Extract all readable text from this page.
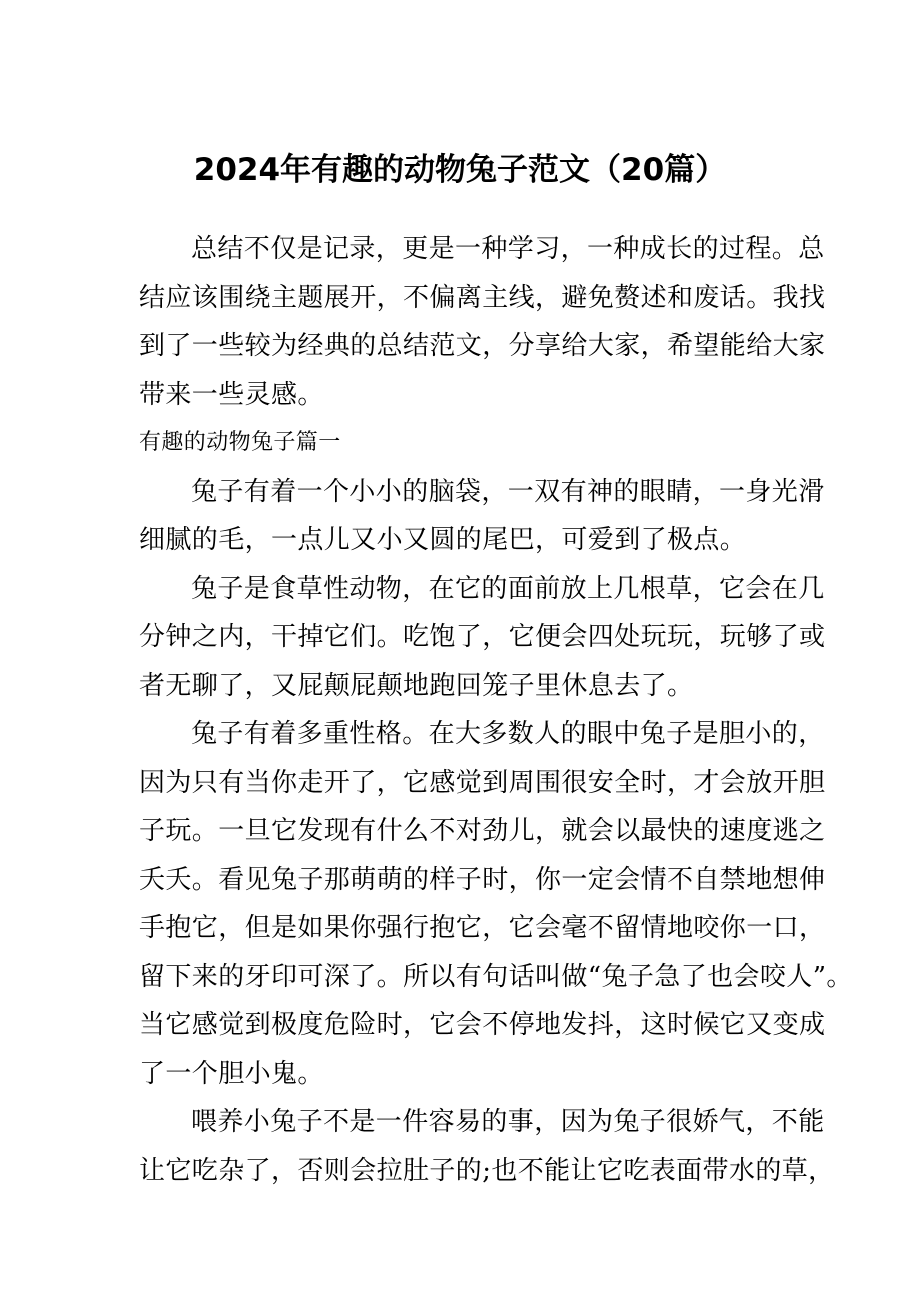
2024年有趣的动物兔子范文（20篇）
总结不仅是记录，更是一种学习，一种成长的过程。总
结应该围绕主题展开，不偏离主线，避免赘述和废话。我找
到了一些较为经典的总结范文，分享给大家，希望能给大家
带来一些灵感。
有趣的动物兔子篇一
兔子有着一个小小的脑袋，一双有神的眼睛，一身光滑
细腻的毛，一点儿又小又圆的尾巴，可爱到了极点。
兔子是食草性动物，在它的面前放上几根草，它会在几
分钟之内，干掉它们。吃饱了，它便会四处玩玩，玩够了或
者无聊了，又屁颠屁颠地跑回笼子里休息去了。
兔子有着多重性格。在大多数人的眼中兔子是胆小的，
因为只有当你走开了，它感觉到周围很安全时，才会放开胆
子玩。一旦它发现有什么不对劲儿，就会以最快的速度逃之
夭夭。看见兔子那萌萌的样子时，你一定会情不自禁地想伸
手抱它，但是如果你强行抱它，它会毫不留情地咬你一口，
留下来的牙印可深了。所以有句话叫做“兔子急了也会咬人”。
当它感觉到极度危险时，它会不停地发抖，这时候它又变成
了一个胆小鬼。
喂养小兔子不是一件容易的事，因为兔子很娇气，不能
让它吃杂了，否则会拉肚子的;也不能让它吃表面带水的草，
